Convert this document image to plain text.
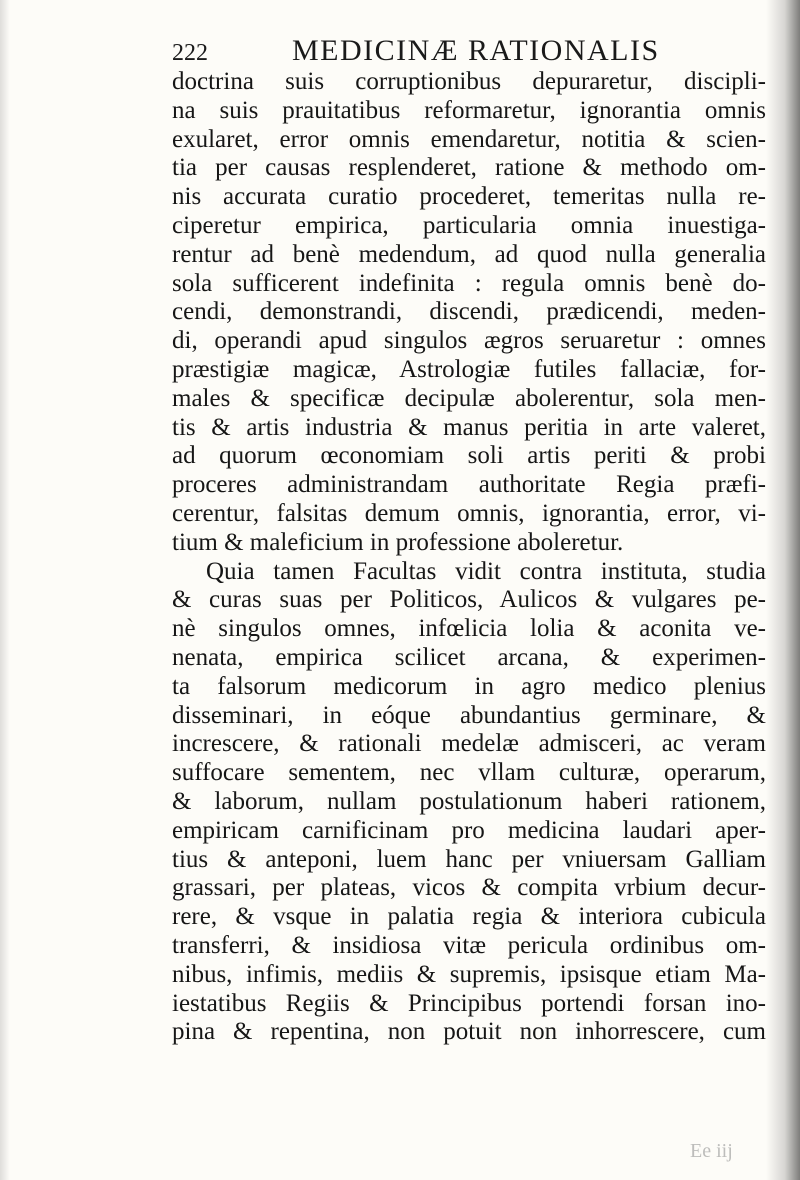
222	MEDICINÆ RATIONALIS
doctrina suis corruptionibus depuraretur, discipli-
na suis prauitatibus reformaretur, ignorantia omnis
exularet, error omnis emendaretur, notitia & scien-
tia per causas resplenderet, ratione & methodo om-
nis accurata curatio procederet, temeritas nulla re-
ciperetur empirica, particularia omnia inuestiga-
rentur ad benè medendum, ad quod nulla generalia
sola sufficerent indefinita : regula omnis benè do-
cendi, demonstrandi, discendi, prædicendi, meden-
di, operandi apud singulos ægros seruaretur : omnes
præstigiæ magicæ, Astrologiæ futiles fallaciæ, for-
males & specificæ decipulæ abolerentur, sola men-
tis & artis industria & manus peritia in arte valeret,
ad quorum œconomiam soli artis periti & probi
proceres administrandam authoritate Regia præfi-
cerentur, falsitas demum omnis, ignorantia, error, vi-
tium & maleficium in professione aboleretur.
Quia tamen Facultas vidit contra instituta, studia
& curas suas per Politicos, Aulicos & vulgares pe-
nè singulos omnes, infœlicia lolia & aconita ve-
nenata, empirica scilicet arcana, & experimen-
ta falsorum medicorum in agro medico plenius
disseminari, in eóque abundantius germinare, &
increscere, & rationali medelæ admisceri, ac veram
suffocare sementem, nec vllam culturæ, operarum,
& laborum, nullam postulationum haberi rationem,
empiricam carnificinam pro medicina laudari aper-
tius & anteponi, luem hanc per vniuersam Galliam
grassari, per plateas, vicos & compita vrbium decur-
rere, & vsque in palatia regia & interiora cubicula
transferri, & insidiosa vitæ pericula ordinibus om-
nibus, infimis, mediis & supremis, ipsisque etiam Ma-
iestatibus Regiis & Principibus portendi forsan ino-
pina & repentina, non potuit non inhorrescere, cum
Ee iij
